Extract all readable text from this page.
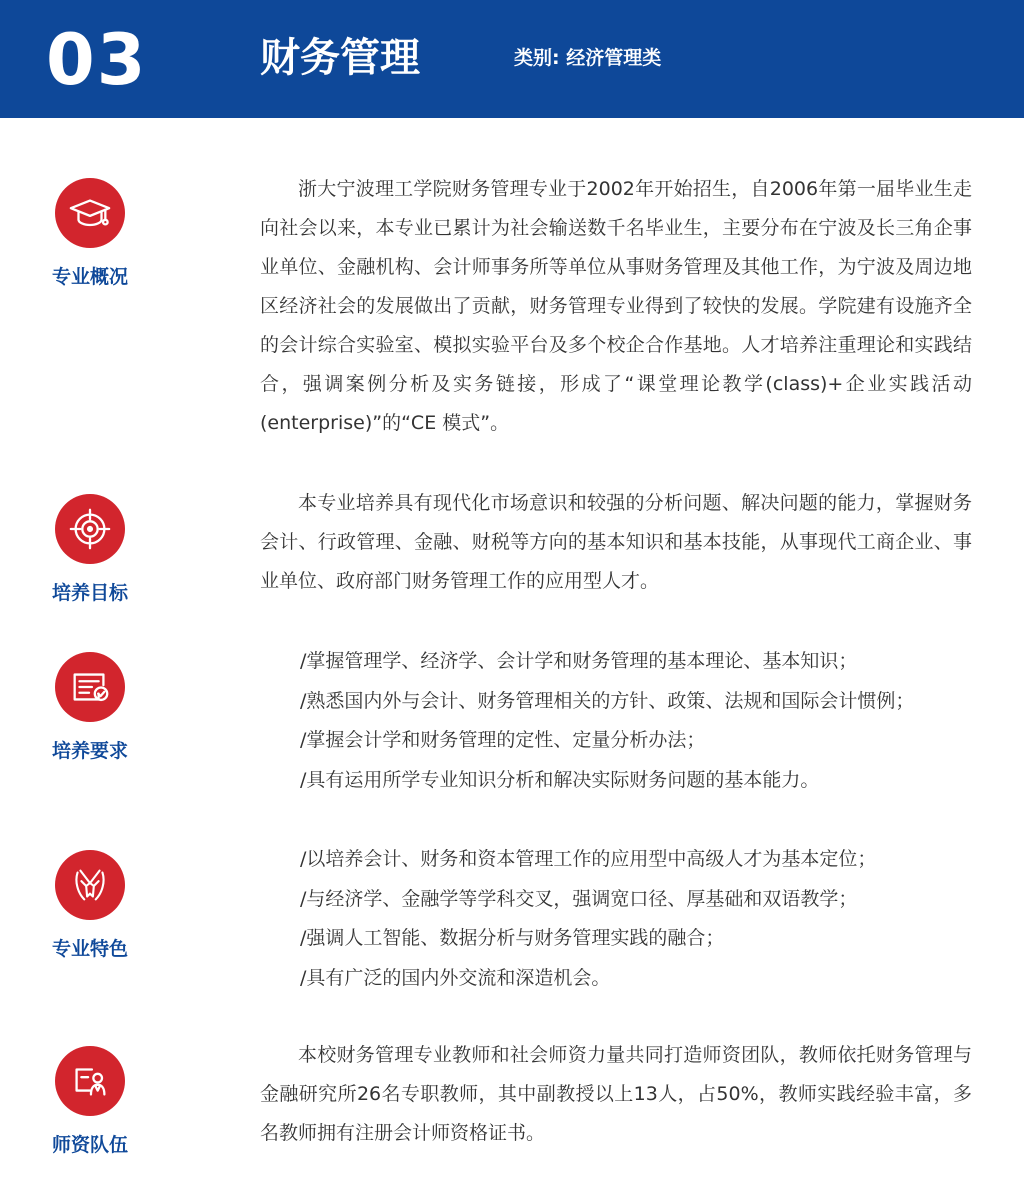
03	财务管理	类别: 经济管理类
专业概况

浙大宁波理工学院财务管理专业于2002年开始招生，自2006年第一届毕业生走向社会以来，本专业已累计为社会输送数千名毕业生，主要分布在宁波及长三角企事业单位、金融机构、会计师事务所等单位从事财务管理及其他工作，为宁波及周边地区经济社会的发展做出了贡献，财务管理专业得到了较快的发展。学院建有设施齐全的会计综合实验室、模拟实验平台及多个校企合作基地。人才培养注重理论和实践结合，强调案例分析及实务链接，形成了“课堂理论教学(class)+企业实践活动(enterprise)”的“CE 模式”。

培养目标

本专业培养具有现代化市场意识和较强的分析问题、解决问题的能力，掌握财务会计、行政管理、金融、财税等方向的基本知识和基本技能，从事现代工商企业、事业单位、政府部门财务管理工作的应用型人才。

培养要求
/掌握管理学、经济学、会计学和财务管理的基本理论、基本知识；
/熟悉国内外与会计、财务管理相关的方针、政策、法规和国际会计惯例；
/掌握会计学和财务管理的定性、定量分析办法；
/具有运用所学专业知识分析和解决实际财务问题的基本能力。
专业特色
/以培养会计、财务和资本管理工作的应用型中高级人才为基本定位；
/与经济学、金融学等学科交叉，强调宽口径、厚基础和双语教学；
/强调人工智能、数据分析与财务管理实践的融合；
/具有广泛的国内外交流和深造机会。
师资队伍

本校财务管理专业教师和社会师资力量共同打造师资团队，教师依托财务管理与金融研究所26名专职教师，其中副教授以上13人，占50%，教师实践经验丰富，多名教师拥有注册会计师资格证书。
